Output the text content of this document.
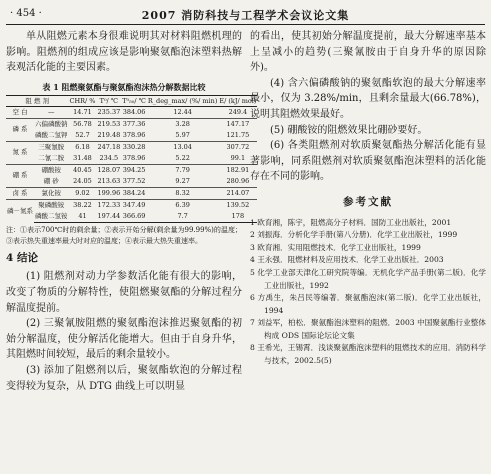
· 454 ·	2007 消防科技与工程学术会议论文集

单从阻燃元素本身很难说明其对材料阻燃机理的影响。阻燃剂的组成应该是影响聚氨酯泡沫塑料热解表观活化能的主要因素。

表 1 阻燃聚氨酯与聚氨酯泡沫热分解数据比较
阻 燃 剂		CHR/ %	T⁰/ ℃	T⁰₅₀/ ℃	R_deg_max/ (%/ min)	E/ (kJ/ mol)
空 白	—	14.71	235.37	384.06	12.44	249.4
磷 系	六偏磷酸钠	56.78	219.53	377.36	3.28	147.17
	磷酸二氢钾	52.7	219.48	378.96	5.97	121.75
氮 系	三聚氰胺	6.18	247.18	330.28	13.04	307.72
	二氰二胺	31.48	234.5	378.96	5.22	99.1
硼 系	硼酸铵	40.45	128.07	394.25	7.79	182.91
	硼 砂	24.05	213.63	377.52	9.27	280.96
卤 系	氯化铵	9.02	199.96	384.24	8.32	214.07
磷－氮系	聚磷酸铵	38.22	172.33	347.49	6.39	139.52
	磷酸二氢铵	41	197.44	366.69	7.7	178

注：①表示700℃时的剩余量；②表示开始分解(剩余量为99.99%)的温度；③表示热失重速率最大时对应的温度；④表示最大热失重速率。

4 结论

(1) 阻燃剂对动力学参数活化能有很大的影响，改变了物质的分解特性，使阻燃聚氨酯的分解过程分解温度提前。

(2) 三聚氰胺阻燃的聚氨酯泡沫推迟聚氨酯的初始分解温度，使分解活化能增大。但由于自身升华，其阻燃时间较短，最后的剩余量较小。

(3) 添加了阻燃剂以后，聚氨酯软泡的分解过程变得较为复杂，从 DTG 曲线上可以明显

的看出，使其初始分解温度提前，最大分解速率基本上呈减小的趋势(三聚氰胺由于自身升华的原因除外)。

(4) 含六偏磷酸钠的聚氨酯软泡的最大分解速率最小，仅为 3.28%/min，且剩余量最大(66.78%)，说明其阻燃效果最好。

(5) 硼酸铵的阻燃效果比硼砂要好。

(6) 各类阻燃剂对软质聚氨酯热分解活化能有显著影响，同系阻燃剂对软质聚氨酯泡沫塑料的活化能存在不同的影响。

参考文献

1 欧育湘，陈宇，阻燃高分子材料．国防工业出版社，2001

2 刘振海．分析化学手册(第八分册)．化学工业出版社，1999

3 欧育湘．实用阻燃技术．化学工业出版社，1999

4 王永强．阻燃材料及应用技术．化学工业出版社．2003

5 化学工业部天津化工研究院等编．无机化学产品手册(第二版)．化学工业出版社，1992

6 方禹生，朱吕民等编著．聚氨酯泡沫(第二版)．化学工业出版社，1994

7 刘益军，柏松．聚氨酯泡沫塑料的阻燃．2003 中国聚氨酯行业整体构成 ODS 国际论坛论文集

8 王希光，王锡霄．浅谈聚氨酯泡沫塑料的阻燃技术的应用．消防科学与技术，2002.5(5)
